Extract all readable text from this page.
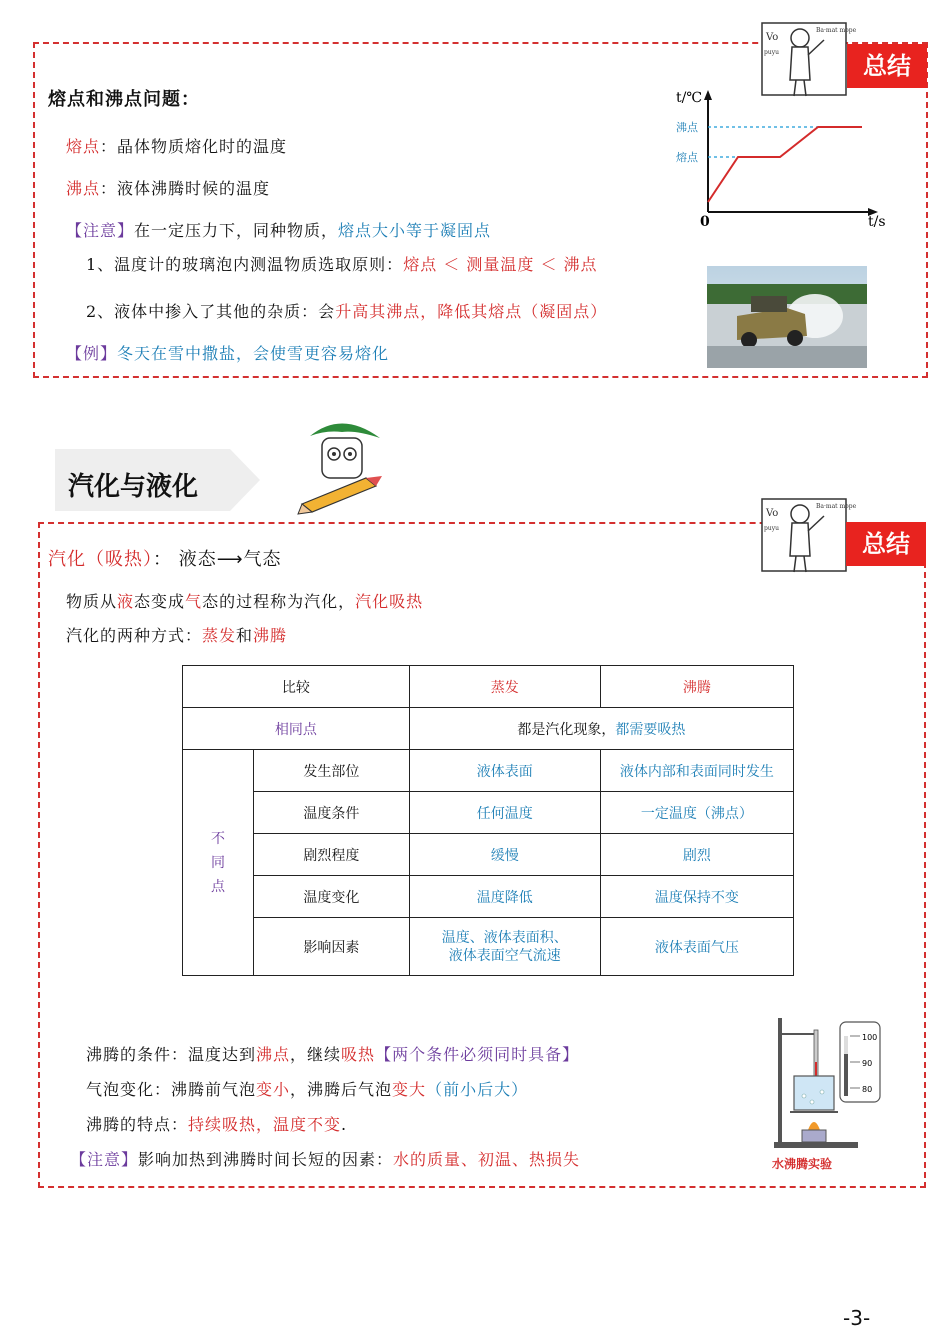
Vo
Ba·mat mope
puyu	总结
熔点和沸点问题：
熔点：晶体物质熔化时的温度
沸点：液体沸腾时候的温度
【注意】在一定压力下，同种物质，熔点大小等于凝固点
1、温度计的玻璃泡内测温物质选取原则：熔点 ＜ 测量温度 ＜ 沸点
2、液体中掺入了其他的杂质：会升高其沸点，降低其熔点（凝固点）
【例】冬天在雪中撒盐，会使雪更容易熔化
t/℃
t/s
0
沸点
熔点
汽化与液化
Vo
Ba·mat mope
puyu
总结
汽化（吸热）： 液态⟶气态
物质从液态变成气态的过程称为汽化，汽化吸热
汽化的两种方式：蒸发和沸腾
比较		蒸发	沸腾
相同点		都是汽化现象，都需要吸热	
不同点	发生部位	液体表面	液体内部和表面同时发生
	温度条件	任何温度	一定温度（沸点）
	剧烈程度	缓慢	剧烈
	温度变化	温度降低	温度保持不变
	影响因素	温度、液体表面积、
液体表面空气流速	液体表面气压
沸腾的条件：温度达到沸点，继续吸热【两个条件必须同时具备】
气泡变化：沸腾前气泡变小，沸腾后气泡变大（前小后大）
沸腾的特点：持续吸热，温度不变.
【注意】影响加热到沸腾时间长短的因素：水的质量、初温、热损失
100
90
80
水沸腾实验
-3-
